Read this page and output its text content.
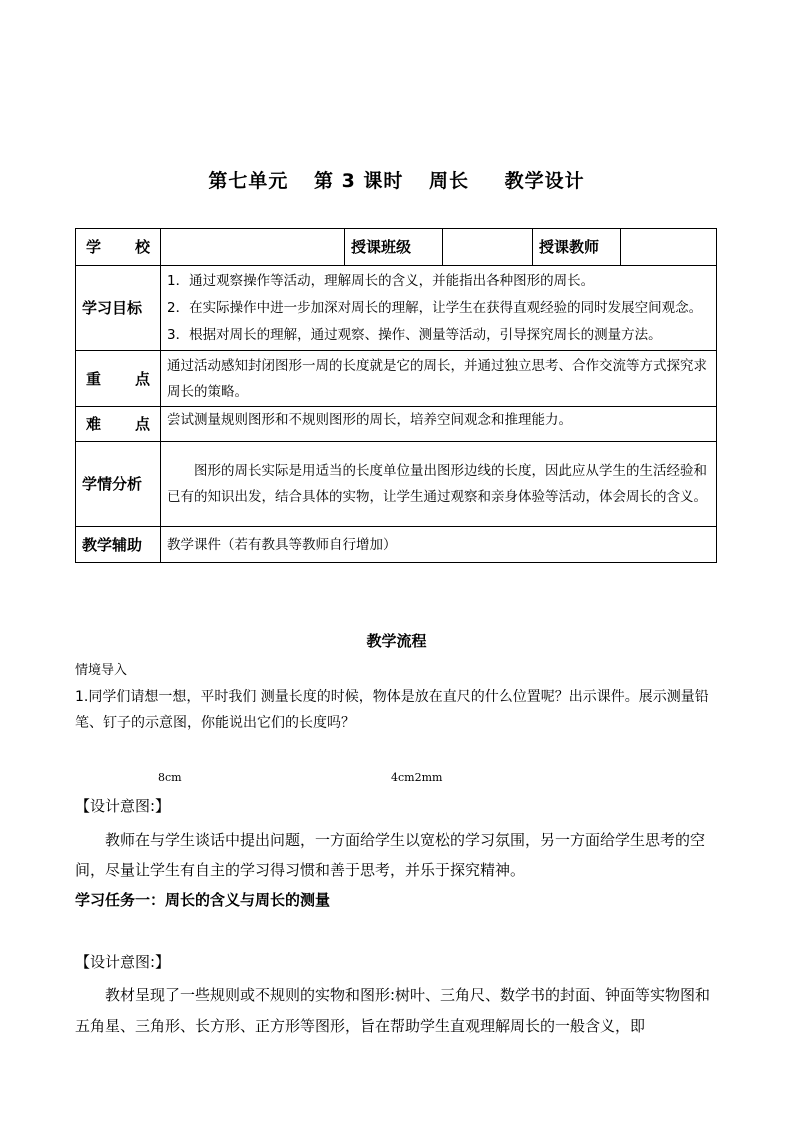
第七单元 第 3 课时 周长 教学设计
学 校		授课班级		授课教师	
学习目标	1．通过观察操作等活动，理解周长的含义，并能指出各种图形的周长。
2．在实际操作中进一步加深对周长的理解，让学生在获得直观经验的同时发展空间观念。
3．根据对周长的理解，通过观察、操作、测量等活动，引导探究周长的测量方法。				

重 点	通过活动感知封闭图形一周的长度就是它的周长，并通过独立思考、合作交流等方式探究求周长的策略。				
难 点	尝试测量规则图形和不规则图形的周长，培养空间观念和推理能力。				
学情分析	图形的周长实际是用适当的长度单位量出图形边线的长度，因此应从学生的生活经验和已有的知识出发，结合具体的实物，让学生通过观察和亲身体验等活动，体会周长的含义。				
教学辅助	教学课件（若有教具等教师自行增加）				
教学流程
情境导入
1.同学们请想一想，平时我们 测量长度的时候，物体是放在直尺的什么位置呢？出示课件。展示测量铅笔、钉子的示意图，你能说出它们的长度吗？
8cm	4cm2mm
【设计意图:】
教师在与学生谈话中提出问题，一方面给学生以宽松的学习氛围，另一方面给学生思考的空间，尽量让学生有自主的学习得习惯和善于思考，并乐于探究精神。
学习任务一：周长的含义与周长的测量
【设计意图:】
教材呈现了一些规则或不规则的实物和图形:树叶、三角尺、数学书的封面、钟面等实物图和五角星、三角形、长方形、正方形等图形，旨在帮助学生直观理解周长的一般含义，即
